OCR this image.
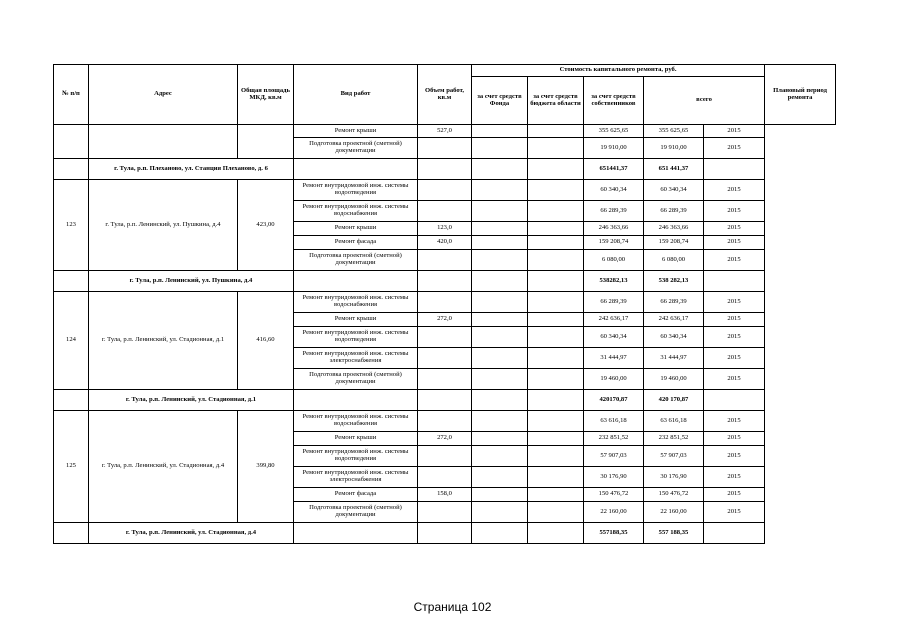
№ п/п	Адрес	Общая площадь МКД, кв.м	Вид работ	Объем работ, кв.м	Стоимость капитального ремонта, руб.					Плановый период ремонта
					за счет средств Фонда	за счет средств бюджета области	за счет средств собственников	всего		
			Ремонт крыши	527,0			355 625,65	355 625,65	2015	
			Подготовка проектной (сметной) документации				19 910,00	19 910,00	2015	
	г. Тула, р.п. Плеханово, ул. Станция Плеханово, д. 6						651441,37	651 441,37		
123	г. Тула, р.п. Ленинский, ул. Пушкина, д.4	423,00	Ремонт внутридомовой инж. системы водоотведения				60 340,34	60 340,34	2015	
			Ремонт внутридомовой инж. системы водоснабжения				66 289,39	66 289,39	2015	
			Ремонт крыши	123,0			246 363,66	246 363,66	2015	
			Ремонт фасада	420,0			159 208,74	159 208,74	2015	
			Подготовка проектной (сметной) документации				6 080,00	6 080,00	2015	
	г. Тула, р.п. Ленинский, ул. Пушкина, д.4						538282,13	538 282,13		
124	г. Тула, р.п. Ленинский, ул. Стадионная, д.1	416,60	Ремонт внутридомовой инж. системы водоснабжения				66 289,39	66 289,39	2015	
			Ремонт крыши	272,0			242 636,17	242 636,17	2015	
			Ремонт внутридомовой инж. системы водоотведения				60 340,34	60 340,34	2015	
			Ремонт внутридомовой инж. системы электроснабжения				31 444,97	31 444,97	2015	
			Подготовка проектной (сметной) документации				19 460,00	19 460,00	2015	
	г. Тула, р.п. Ленинский, ул. Стадионная, д.1						420170,87	420 170,87		
125	г. Тула, р.п. Ленинский, ул. Стадионная, д.4	399,80	Ремонт внутридомовой инж. системы водоснабжения				63 616,18	63 616,18	2015	
			Ремонт крыши	272,0			232 851,52	232 851,52	2015	
			Ремонт внутридомовой инж. системы водоотведения				57 907,03	57 907,03	2015	
			Ремонт внутридомовой инж. системы электроснабжения				30 176,90	30 176,90	2015	
			Ремонт фасада	158,0			150 476,72	150 476,72	2015	
			Подготовка проектной (сметной) документации				22 160,00	22 160,00	2015	
	г. Тула, р.п. Ленинский, ул. Стадионная, д.4						557188,35	557 188,35		
Страница 102
